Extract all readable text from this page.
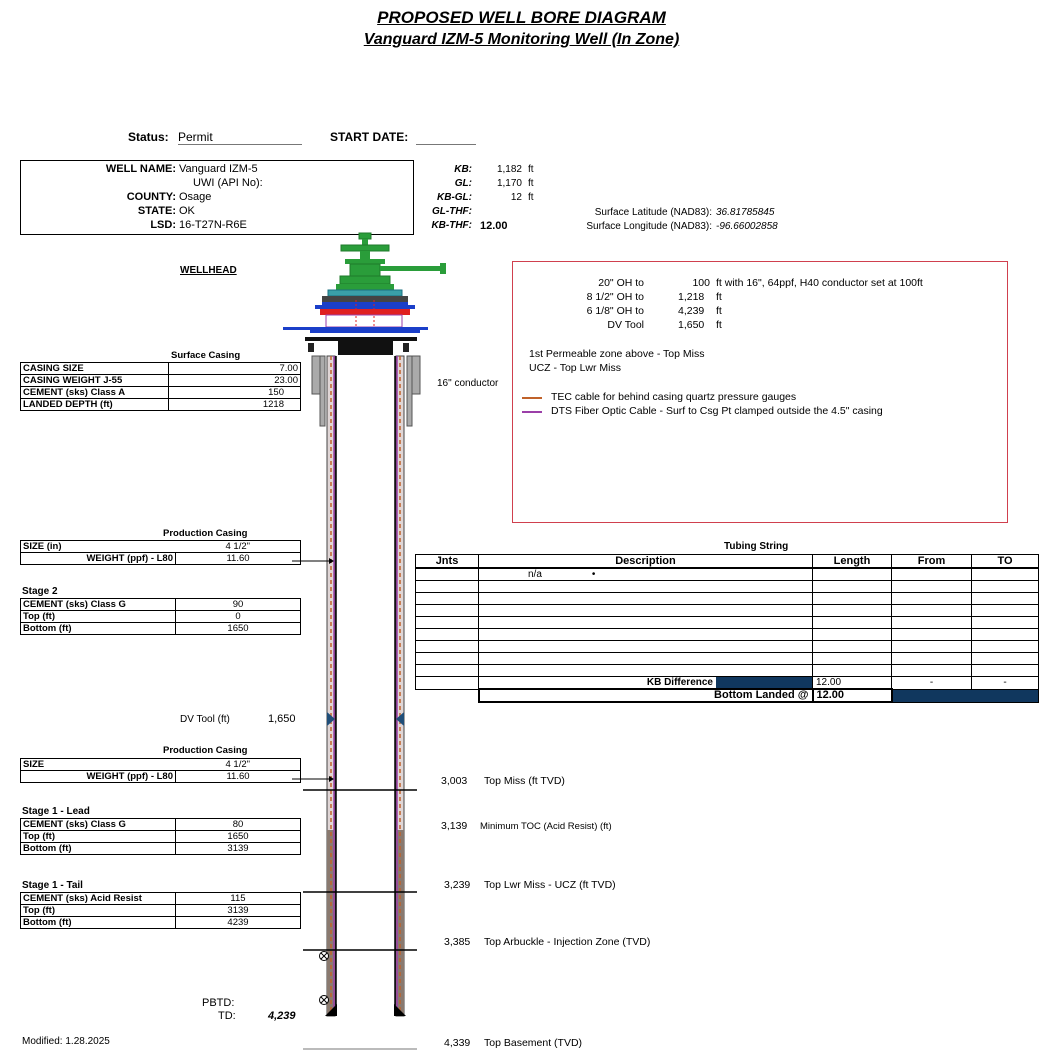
PROPOSED WELL BORE DIAGRAM
Vanguard IZM-5 Monitoring Well (In Zone)
Status: Permit	START DATE:
WELL NAME: Vanguard IZM-5
UWI (API No):
COUNTY: Osage
STATE: OK
LSD: 16-T27N-R6E
KB:	1,182 ft
GL:	1,170 ft
KB-GL:	12 ft
GL-THF:
KB-THF: 12.00
Surface Latitude (NAD83): 36.81785845
Surface Longitude (NAD83): -96.66002858
WELLHEAD
20" OH to	100 ft with 16", 64ppf, H40 conductor set at 100ft
8 1/2" OH to	1,218 ft
6 1/8" OH to	4,239 ft
DV Tool	1,650 ft
1st Permeable zone above - Top Miss
UCZ - Top Lwr Miss
TEC cable for behind casing quartz pressure gauges
DTS Fiber Optic Cable - Surf to Csg Pt clamped outside the 4.5" casing
16" conductor
Surface Casing
CASING SIZE	7.00
CASING WEIGHT J-55	23.00
CEMENT (sks) Class A	150
LANDED DEPTH (ft)	1218
Production Casing
SIZE (in)	4 1/2"
WEIGHT (ppf) - L80	11.60
Stage 2
CEMENT (sks) Class G	90
Top (ft)	0
Bottom (ft)	1650
DV Tool (ft)	1,650
Production Casing
SIZE	4 1/2"
WEIGHT (ppf) - L80	11.60
Stage 1 - Lead
CEMENT (sks) Class G	80
Top (ft)	1650
Bottom (ft)	3139
Stage 1 - Tail
CEMENT (sks) Acid Resist	115
Top (ft)	3139
Bottom (ft)	4239
PBTD:
TD:	4,239
Modified: 1.28.2025
Tubing String
Jnts	Description	Length	From	TO
	n/a •			

	KB Difference	12.00	-	-
	Bottom Landed @	12.00		
3,003 Top Miss (ft TVD)
3,139 Minimum TOC (Acid Resist) (ft)
3,239 Top Lwr Miss - UCZ (ft TVD)
3,385 Top Arbuckle - Injection Zone (TVD)
4,339 Top Basement (TVD)
